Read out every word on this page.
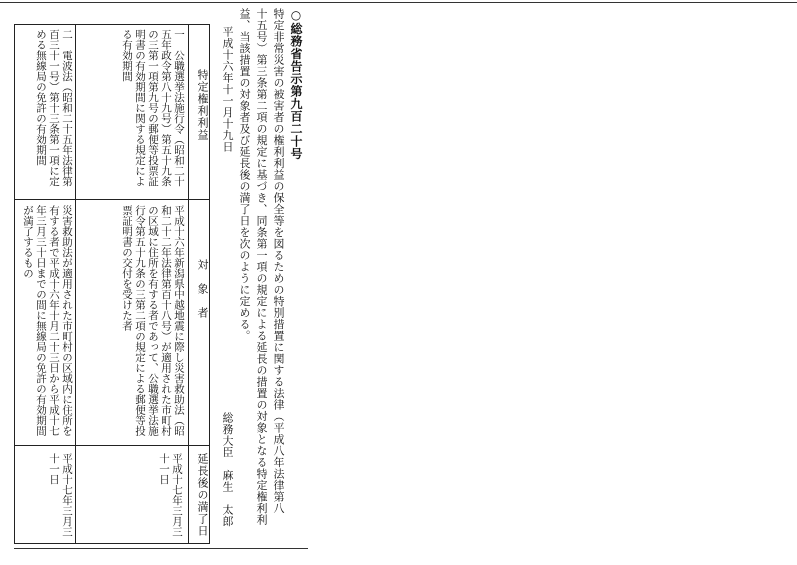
○総務省告示第九百二十号
特定非常災害の被害者の権利利益の保全等を図るための特別措置に関する法律（平成八年法律第八
十五号）第三条第二項の規定に基づき、同条第一項の規定による延長の措置の対象となる特定権利利
益、当該措置の対象者及び延長後の満了日を次のように定める。
平成十六年十一月十九日
総務大臣　麻生　太郎
特定権利利益
対　象　者
延長後の満了日
一　公職選挙法施行令（昭和二十五年政令第八十九号）第五十九条の三第一項第九号の郵便等投票証明書の有効期間に関する規定による有効期間
二　電波法（昭和二十五年法律第百三十一号）第十三条第一項に定める無線局の免許の有効期間
平成十六年新潟県中越地震に際し災害救助法（昭和二十二年法律第百十八号）が適用された市町村の区域に住所を有する者であって、公職選挙法施行令第五十九条の三第二項の規定による郵便等投票証明書の交付を受けた者
災害救助法が適用された市町村の区域内に住所を有する者で平成十六年十月二十三日から平成十七年三月三十日までの間に無線局の免許の有効期間が満了するもの
平成十七年三月三十一日
平成十七年三月三十一日
